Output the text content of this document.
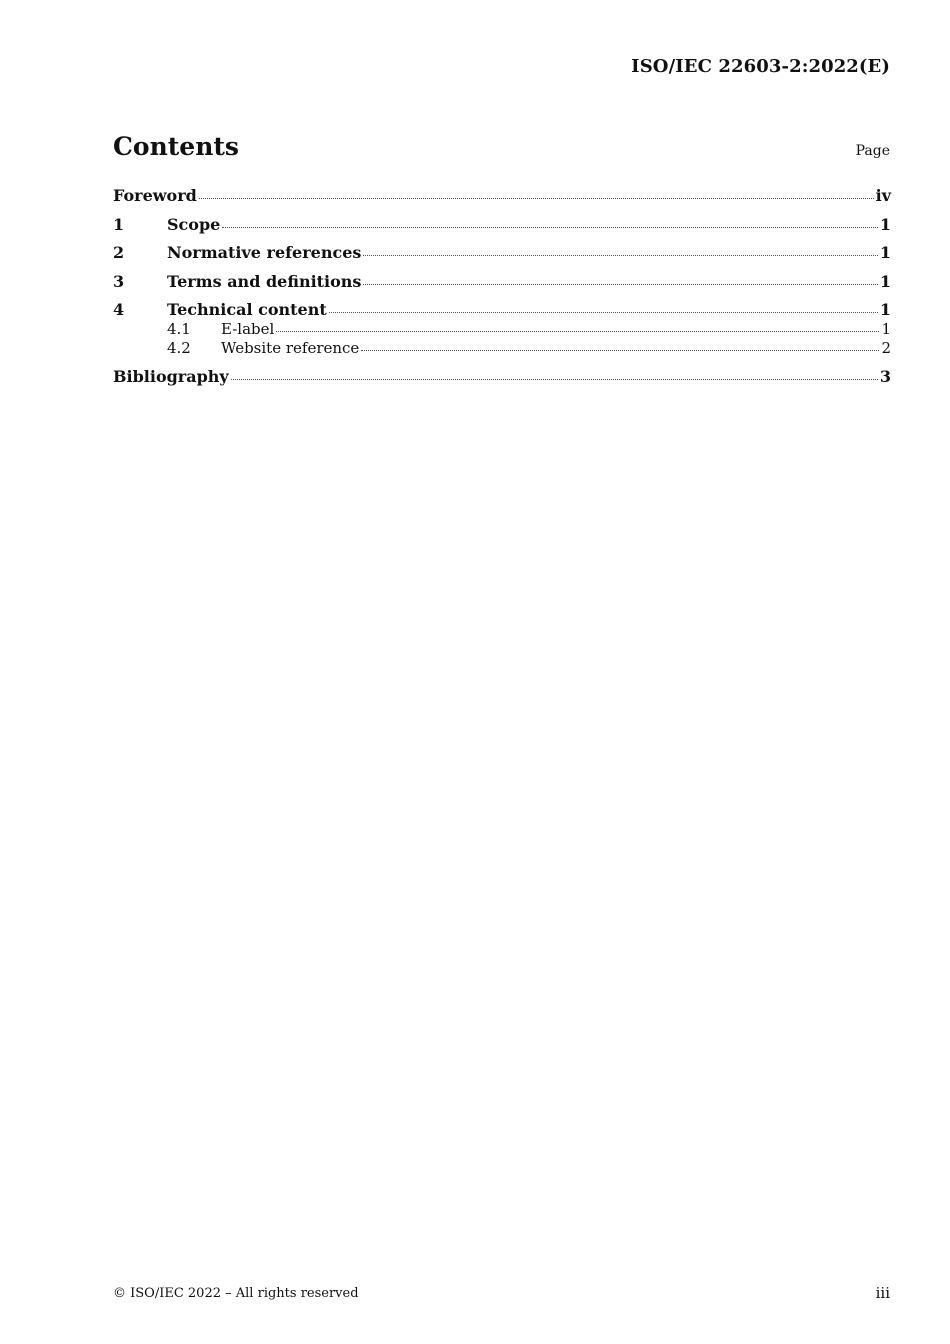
ISO/IEC 22603-2:2022(E)
Contents	Page
Foreword	iv
1	Scope	1
2	Normative references	1
3	Terms and definitions	1
4	Technical content	1
4.1	E-label	1
4.2	Website reference	2
Bibliography	3
© ISO/IEC 2022 – All rights reserved	iii
